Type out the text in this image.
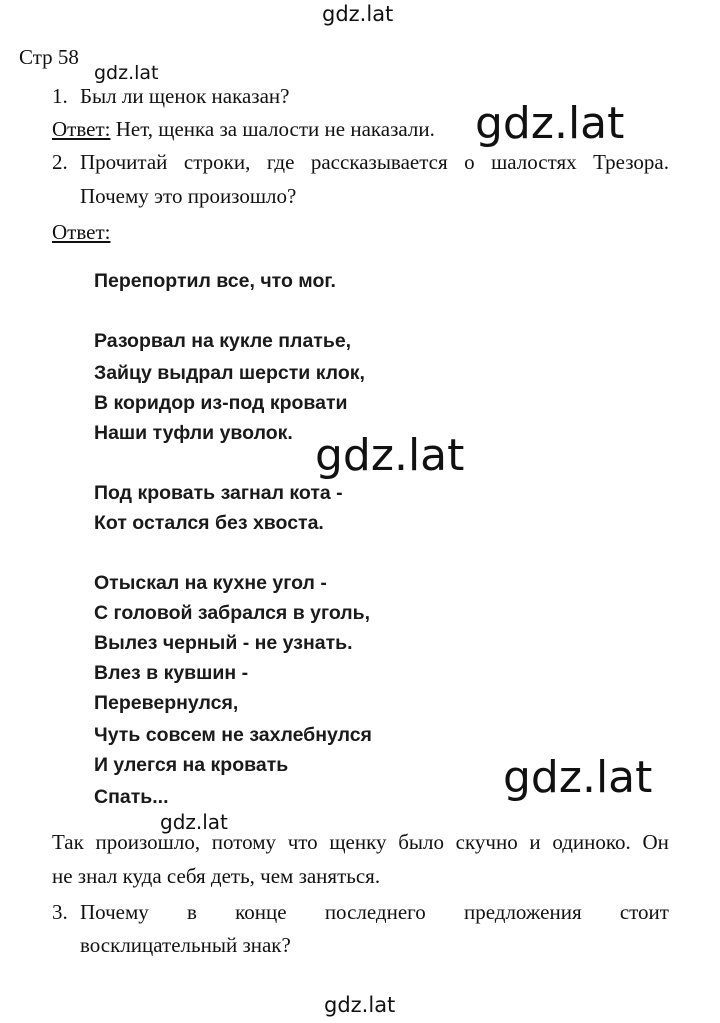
gdz.lat
gdz.lat
gdz.lat
gdz.lat
gdz.lat
gdz.lat
gdz.lat
Стр 58
1. Был ли щенок наказан?
Ответ: Нет, щенка за шалости не наказали.
2. Прочитай строки, где рассказывается о шалостях Трезора.
Почему это произошло?
Ответ:
Перепортил все, что мог.
Разорвал на кукле платье,
Зайцу выдрал шерсти клок,
В коридор из-под кровати
Наши туфли уволок.
Под кровать загнал кота -
Кот остался без хвоста.
Отыскал на кухне угол -
С головой забрался в уголь,
Вылез черный - не узнать.
Влез в кувшин -
Перевернулся,
Чуть совсем не захлебнулся
И улегся на кровать
Спать...
Так произошло, потому что щенку было скучно и одиноко. Он
не знал куда себя деть, чем заняться.
3. Почему в конце последнего предложения стоит
восклицательный знак?
